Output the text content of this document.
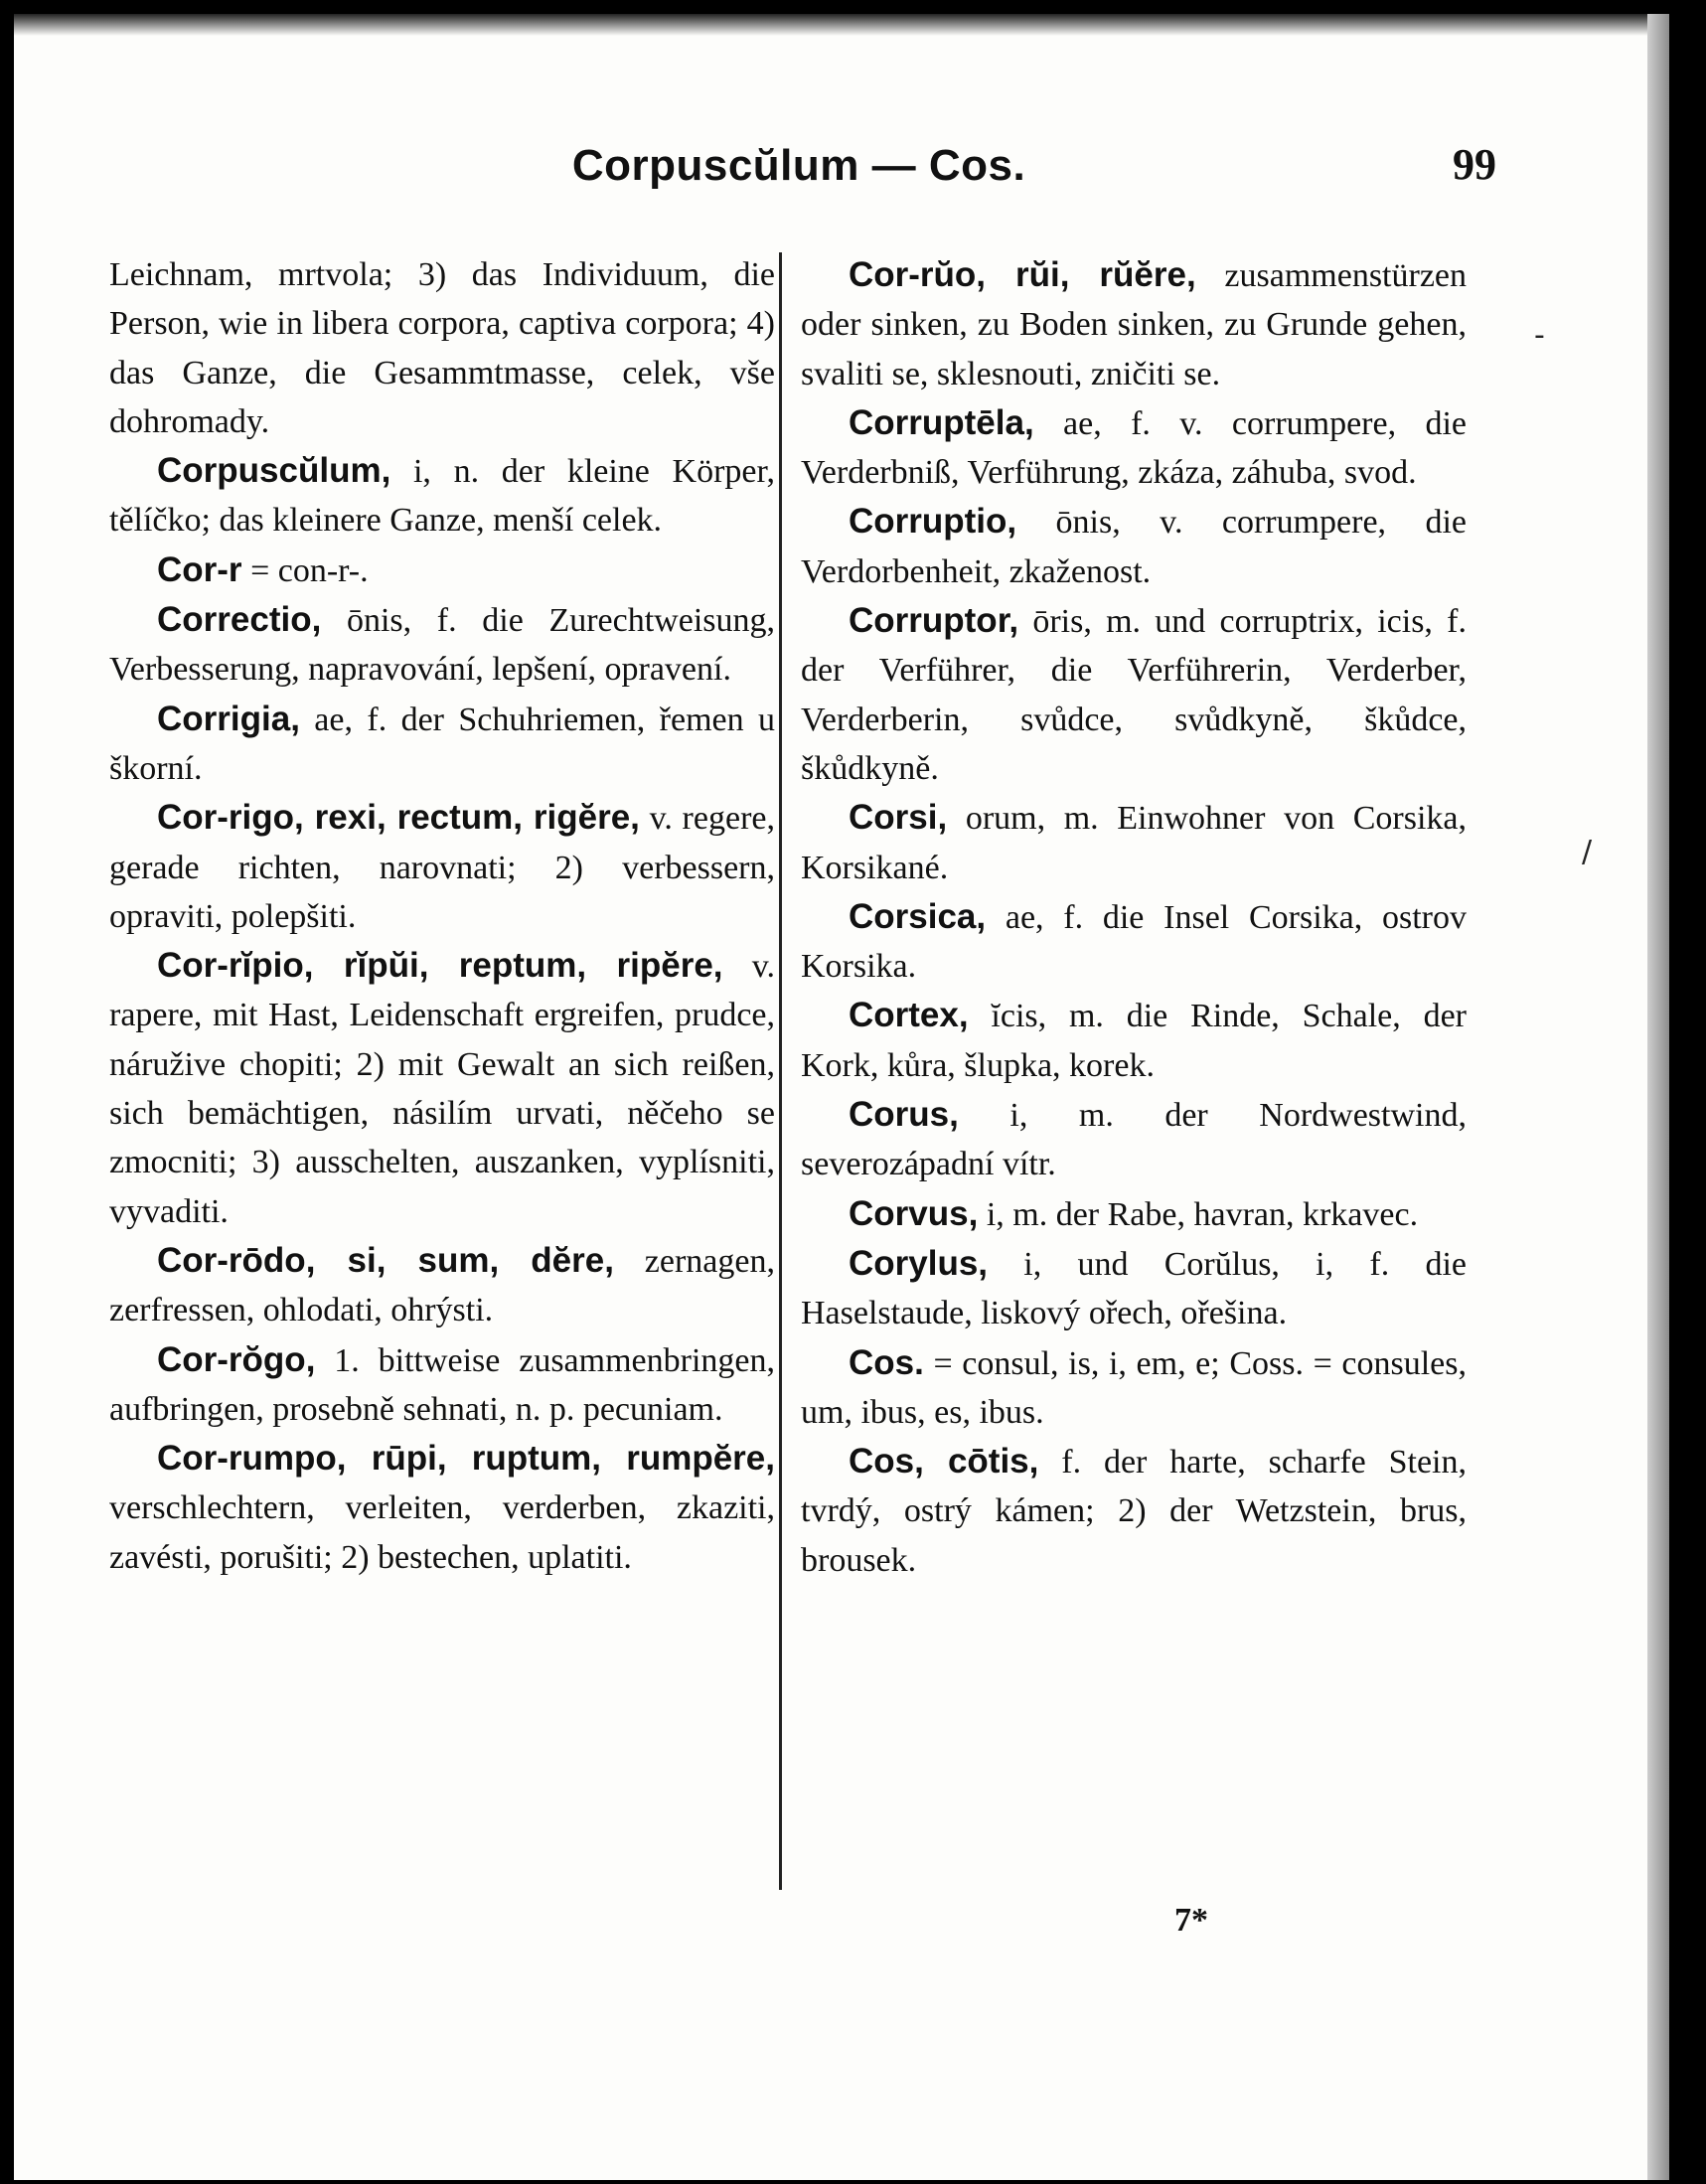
Corpuscŭlum — Cos.	99

Leichnam, mrtvola; 3) das Individuum, die Person, wie in libera corpora, captiva corpora; 4) das Ganze, die Gesammtmasse, celek, vše dohromady.

Corpuscŭlum, i, n. der kleine Körper, tělíčko; das kleinere Ganze, menší celek.

Cor-r = con-r-.

Correctio, ōnis, f. die Zurechtweisung, Verbesserung, napravování, lepšení, opravení.

Corrigia, ae, f. der Schuhriemen, řemen u škorní.

Cor-rigo, rexi, rectum, rigĕre, v. regere, gerade richten, narovnati; 2) verbessern, opraviti, polepšiti.

Cor-rĭpio, rĭpŭi, reptum, ripĕre, v. rapere, mit Hast, Leidenschaft ergreifen, prudce, náružive chopiti; 2) mit Gewalt an sich reißen, sich bemächtigen, násilím urvati, něčeho se zmocniti; 3) ausschelten, auszanken, vyplísniti, vyvaditi.

Cor-rōdo, si, sum, dĕre, zernagen, zerfressen, ohlodati, ohrýsti.

Cor-rŏgo, 1. bittweise zusammenbringen, aufbringen, prosebně sehnati, n. p. pecuniam.

Cor-rumpo, rūpi, ruptum, rumpĕre, verschlechtern, verleiten, verderben, zkaziti, zavésti, porušiti; 2) bestechen, uplatiti.

Cor-rŭo, rŭi, rŭĕre, zusammenstürzen oder sinken, zu Boden sinken, zu Grunde gehen, svaliti se, sklesnouti, zničiti se.

Corruptēla, ae, f. v. corrumpere, die Verderbniß, Verführung, zkáza, záhuba, svod.

Corruptio, ōnis, v. corrumpere, die Verdorbenheit, zkaženost.

Corruptor, ōris, m. und corruptrix, icis, f. der Verführer, die Verführerin, Verderber, Verderberin, svůdce, svůdkyně, škůdce, škůdkyně.

Corsi, orum, m. Einwohner von Corsika, Korsikané.

Corsica, ae, f. die Insel Corsika, ostrov Korsika.

Cortex, ĭcis, m. die Rinde, Schale, der Kork, kůra, šlupka, korek.

Corus, i, m. der Nordwestwind, severozápadní vítr.

Corvus, i, m. der Rabe, havran, krkavec.

Corylus, i, und Corŭlus, i, f. die Haselstaude, liskový ořech, ořešina.

Cos. = consul, is, i, em, e; Coss. = consules, um, ibus, es, ibus.

Cos, cōtis, f. der harte, scharfe Stein, tvrdý, ostrý kámen; 2) der Wetzstein, brus, brousek.

7*
-
/
